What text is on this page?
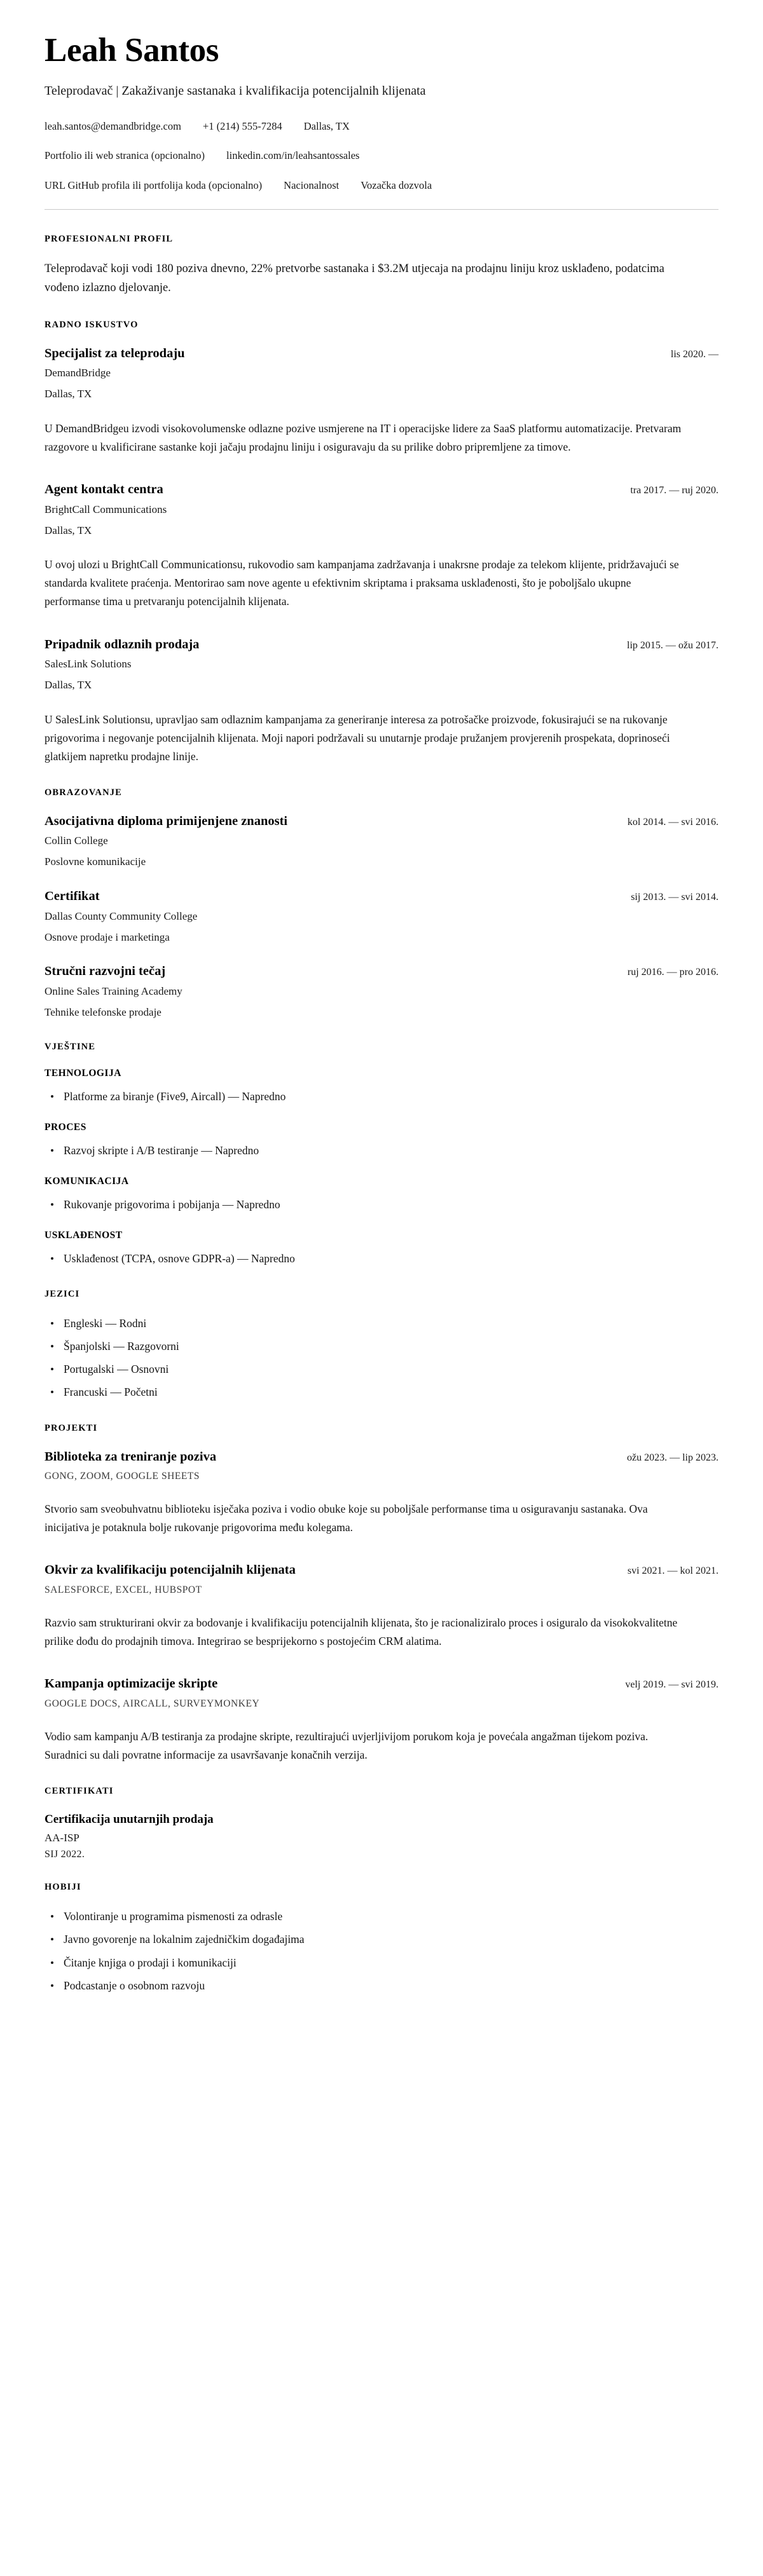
Leah Santos
Teleprodavač | Zakaživanje sastanaka i kvalifikacija potencijalnih klijenata
leah.santos@demandbridge.com +1 (214) 555-7284 Dallas, TX
Portfolio ili web stranica (opcionalno) linkedin.com/in/leahsantossales
URL GitHub profila ili portfolija koda (opcionalno) Nacionalnost Vozačka dozvola
PROFESIONALNI PROFIL

Teleprodavač koji vodi 180 poziva dnevno, 22% pretvorbe sastanaka i $3.2M utjecaja na prodajnu liniju kroz usklađeno, podatcima vođeno izlazno djelovanje.

RADNO ISKUSTVO
Specijalist za teleprodaju	lis 2020. —

DemandBridge

Dallas, TX

U DemandBridgeu izvodi visokovolumenske odlazne pozive usmjerene na IT i operacijske lidere za SaaS platformu automatizacije. Pretvaram razgovore u kvalificirane sastanke koji jačaju prodajnu liniju i osiguravaju da su prilike dobro pripremljene za timove.

Agent kontakt centra	tra 2017. — ruj 2020.

BrightCall Communications

Dallas, TX

U ovoj ulozi u BrightCall Communicationsu, rukovodio sam kampanjama zadržavanja i unakrsne prodaje za telekom klijente, pridržavajući se standarda kvalitete praćenja. Mentorirao sam nove agente u efektivnim skriptama i praksama usklađenosti, što je poboljšalo ukupne performanse tima u pretvaranju potencijalnih klijenata.

Pripadnik odlaznih prodaja	lip 2015. — ožu 2017.

SalesLink Solutions

Dallas, TX

U SalesLink Solutionsu, upravljao sam odlaznim kampanjama za generiranje interesa za potrošačke proizvode, fokusirajući se na rukovanje prigovorima i negovanje potencijalnih klijenata. Moji napori podržavali su unutarnje prodaje pružanjem provjerenih prospekata, doprinoseći glatkijem napretku prodajne linije.

OBRAZOVANJE
Asocijativna diploma primijenjene znanosti	kol 2014. — svi 2016.

Collin College

Poslovne komunikacije

Certifikat	sij 2013. — svi 2014.

Dallas County Community College

Osnove prodaje i marketinga

Stručni razvojni tečaj	ruj 2016. — pro 2016.

Online Sales Training Academy

Tehnike telefonske prodaje

VJEŠTINE
TEHNOLOGIJA
Platforme za biranje (Five9, Aircall) — Napredno
PROCES
Razvoj skripte i A/B testiranje — Napredno
KOMUNIKACIJA
Rukovanje prigovorima i pobijanja — Napredno
USKLAĐENOST
Usklađenost (TCPA, osnove GDPR-a) — Napredno
JEZICI
Engleski — Rodni
Španjolski — Razgovorni
Portugalski — Osnovni
Francuski — Početni
PROJEKTI
Biblioteka za treniranje poziva	ožu 2023. — lip 2023.

GONG, ZOOM, GOOGLE SHEETS

Stvorio sam sveobuhvatnu biblioteku isječaka poziva i vodio obuke koje su poboljšale performanse tima u osiguravanju sastanaka. Ova inicijativa je potaknula bolje rukovanje prigovorima među kolegama.

Okvir za kvalifikaciju potencijalnih klijenata	svi 2021. — kol 2021.

SALESFORCE, EXCEL, HUBSPOT

Razvio sam strukturirani okvir za bodovanje i kvalifikaciju potencijalnih klijenata, što je racionaliziralo proces i osiguralo da visokokvalitetne prilike dođu do prodajnih timova. Integrirao se besprijekorno s postojećim CRM alatima.

Kampanja optimizacije skripte	velj 2019. — svi 2019.

GOOGLE DOCS, AIRCALL, SURVEYMONKEY

Vodio sam kampanju A/B testiranja za prodajne skripte, rezultirajući uvjerljivijom porukom koja je povećala angažman tijekom poziva. Suradnici su dali povratne informacije za usavršavanje konačnih verzija.

CERTIFIKATI
Certifikacija unutarnjih prodaja

AA-ISP

SIJ 2022.

HOBIJI
Volontiranje u programima pismenosti za odrasle
Javno govorenje na lokalnim zajedničkim događajima
Čitanje knjiga o prodaji i komunikaciji
Podcastanje o osobnom razvoju
